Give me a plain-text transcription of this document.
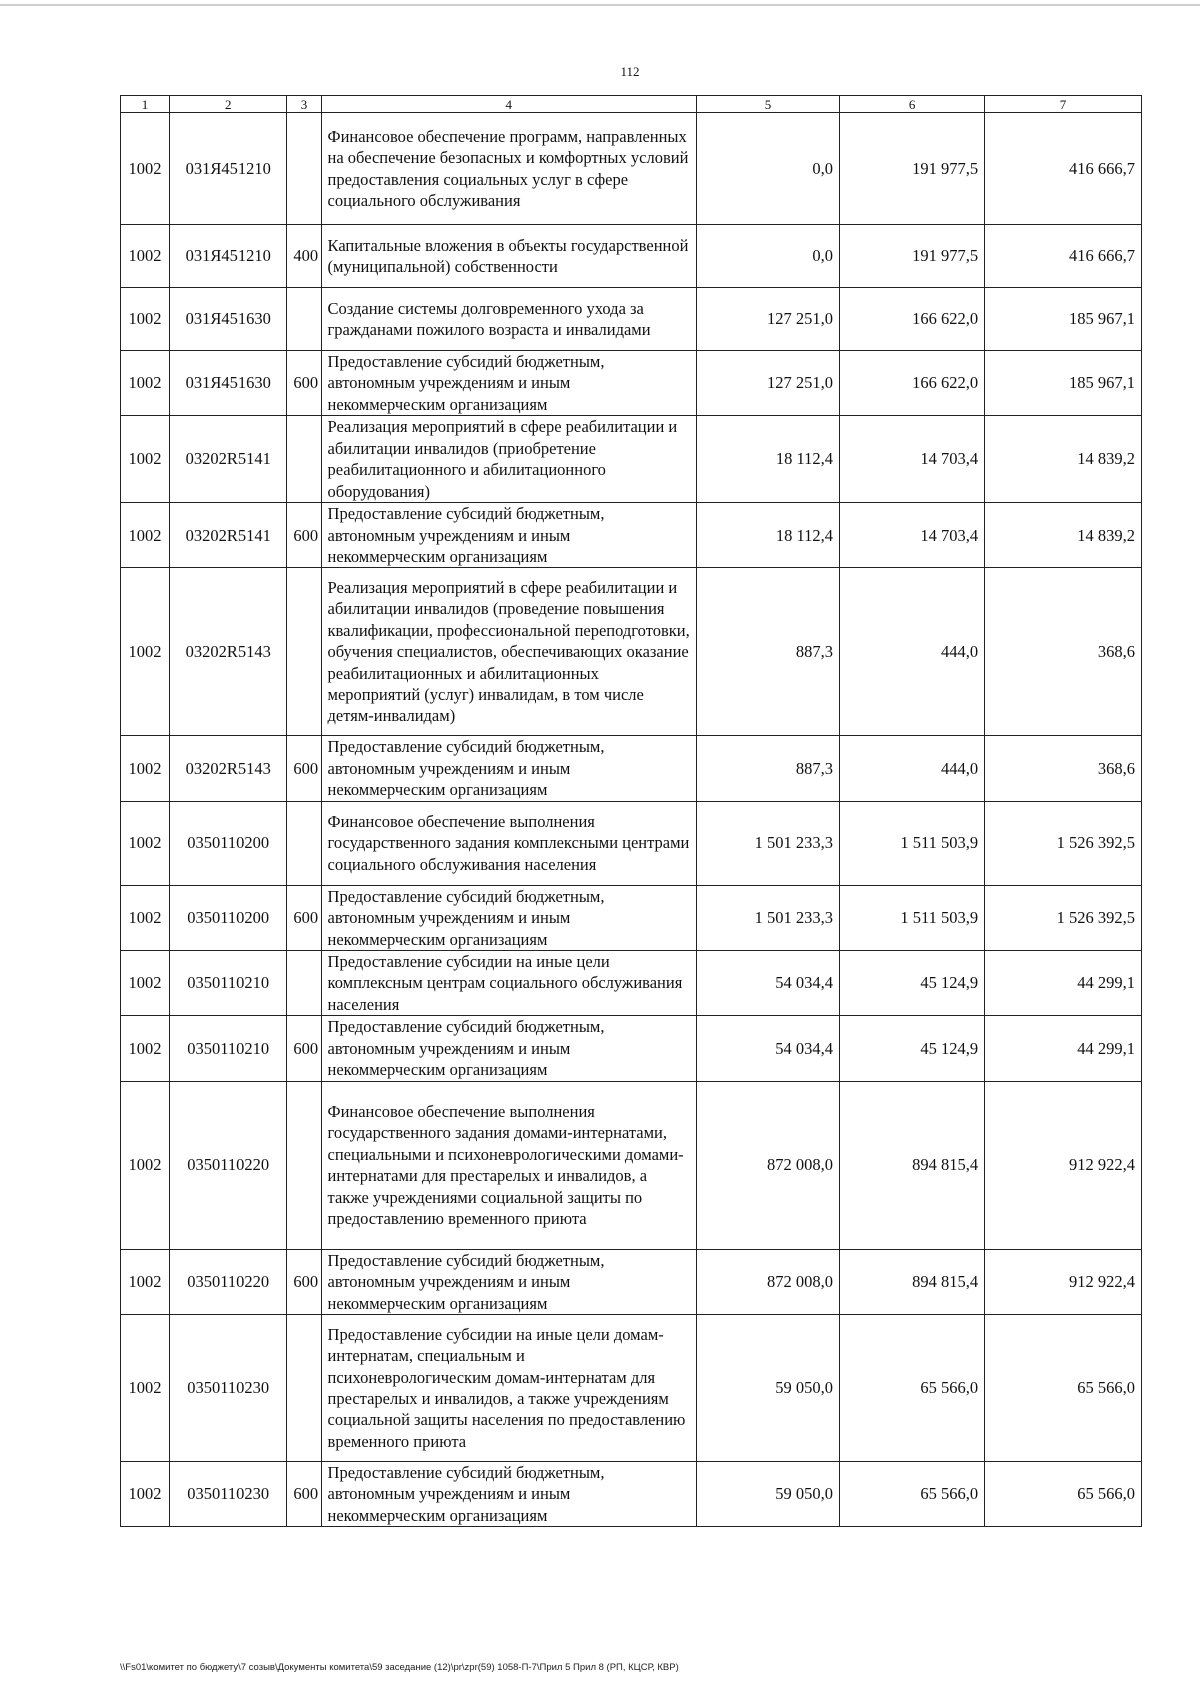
112
1	2	3	4	5	6	7
1002	031Я451210		Финансовое обеспечение программ, направленных на обеспечение безопасных и комфортных условий предоставления социальных услуг в сфере социального обслуживания	0,0	191 977,5	416 666,7
1002	031Я451210	400	Капитальные вложения в объекты государственной (муниципальной) собственности	0,0	191 977,5	416 666,7
1002	031Я451630		Создание системы долговременного ухода за гражданами пожилого возраста и инвалидами	127 251,0	166 622,0	185 967,1
1002	031Я451630	600	Предоставление субсидий бюджетным, автономным учреждениям и иным некоммерческим организациям	127 251,0	166 622,0	185 967,1
1002	03202R5141		Реализация мероприятий в сфере реабилитации и абилитации инвалидов (приобретение реабилитационного и абилитационного оборудования)	18 112,4	14 703,4	14 839,2
1002	03202R5141	600	Предоставление субсидий бюджетным, автономным учреждениям и иным некоммерческим организациям	18 112,4	14 703,4	14 839,2
1002	03202R5143		Реализация мероприятий в сфере реабилитации и абилитации инвалидов (проведение повышения квалификации, профессиональной переподготовки, обучения специалистов, обеспечивающих оказание реабилитационных и абилитационных мероприятий (услуг) инвалидам, в том числе детям-инвалидам)	887,3	444,0	368,6
1002	03202R5143	600	Предоставление субсидий бюджетным, автономным учреждениям и иным некоммерческим организациям	887,3	444,0	368,6
1002	0350110200		Финансовое обеспечение выполнения государственного задания комплексными центрами социального обслуживания населения	1 501 233,3	1 511 503,9	1 526 392,5
1002	0350110200	600	Предоставление субсидий бюджетным, автономным учреждениям и иным некоммерческим организациям	1 501 233,3	1 511 503,9	1 526 392,5
1002	0350110210		Предоставление субсидии на иные цели комплексным центрам социального обслуживания населения	54 034,4	45 124,9	44 299,1
1002	0350110210	600	Предоставление субсидий бюджетным, автономным учреждениям и иным некоммерческим организациям	54 034,4	45 124,9	44 299,1
1002	0350110220		Финансовое обеспечение выполнения государственного задания домами-интернатами, специальными и психоневрологическими домами-интернатами для престарелых и инвалидов, а также учреждениями социальной защиты по предоставлению временного приюта	872 008,0	894 815,4	912 922,4
1002	0350110220	600	Предоставление субсидий бюджетным, автономным учреждениям и иным некоммерческим организациям	872 008,0	894 815,4	912 922,4
1002	0350110230		Предоставление субсидии на иные цели домам-интернатам, специальным и психоневрологическим домам-интернатам для престарелых и инвалидов, а также учреждениям социальной защиты населения по предоставлению временного приюта	59 050,0	65 566,0	65 566,0
1002	0350110230	600	Предоставление субсидий бюджетным, автономным учреждениям и иным некоммерческим организациям	59 050,0	65 566,0	65 566,0
\\Fs01\комитет по бюджету\7 созыв\Документы комитета\59 заседание (12)\pr\zpr(59) 1058-П-7\Прил 5 Прил 8 (РП, КЦСР, КВР)
